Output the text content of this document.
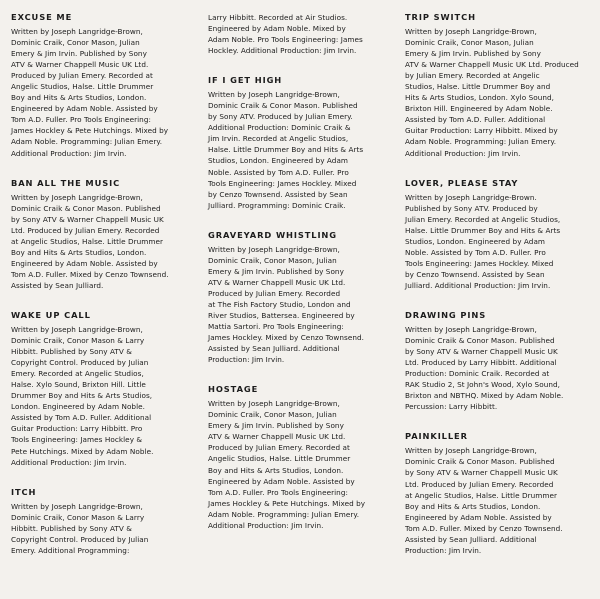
EXCUSE ME
Written by Joseph Langridge-Brown,
Dominic Craik, Conor Mason, Julian
Emery & Jim Irvin. Published by Sony
ATV & Warner Chappell Music UK Ltd.
Produced by Julian Emery. Recorded at
Angelic Studios, Halse. Little Drummer
Boy and Hits & Arts Studios, London.
Engineered by Adam Noble. Assisted by
Tom A.D. Fuller. Pro Tools Engineering:
James Hockley & Pete Hutchings. Mixed by
Adam Noble. Programming: Julian Emery.
Additional Production: Jim Irvin.
BAN ALL THE MUSIC
Written by Joseph Langridge-Brown,
Dominic Craik & Conor Mason. Published
by Sony ATV & Warner Chappell Music UK
Ltd. Produced by Julian Emery. Recorded
at Angelic Studios, Halse. Little Drummer
Boy and Hits & Arts Studios, London.
Engineered by Adam Noble. Assisted by
Tom A.D. Fuller. Mixed by Cenzo Townsend.
Assisted by Sean Julliard.
WAKE UP CALL
Written by Joseph Langridge-Brown,
Dominic Craik, Conor Mason & Larry
Hibbitt. Published by Sony ATV &
Copyright Control. Produced by Julian
Emery. Recorded at Angelic Studios,
Halse. Xylo Sound, Brixton Hill. Little
Drummer Boy and Hits & Arts Studios,
London. Engineered by Adam Noble.
Assisted by Tom A.D. Fuller. Additional
Guitar Production: Larry Hibbitt. Pro
Tools Engineering: James Hockley &
Pete Hutchings. Mixed by Adam Noble.
Additional Production: Jim Irvin.
ITCH
Written by Joseph Langridge-Brown,
Dominic Craik, Conor Mason & Larry
Hibbitt. Published by Sony ATV &
Copyright Control. Produced by Julian
Emery. Additional Programming:
Larry Hibbitt. Recorded at Air Studios.
Engineered by Adam Noble. Mixed by
Adam Noble. Pro Tools Engineering: James
Hockley. Additional Production: Jim Irvin.
IF I GET HIGH
Written by Joseph Langridge-Brown,
Dominic Craik & Conor Mason. Published
by Sony ATV. Produced by Julian Emery.
Additional Production: Dominic Craik &
Jim Irvin. Recorded at Angelic Studios,
Halse. Little Drummer Boy and Hits & Arts
Studios, London. Engineered by Adam
Noble. Assisted by Tom A.D. Fuller. Pro
Tools Engineering: James Hockley. Mixed
by Cenzo Townsend. Assisted by Sean
Julliard. Programming: Dominic Craik.
GRAVEYARD WHISTLING
Written by Joseph Langridge-Brown,
Dominic Craik, Conor Mason, Julian
Emery & Jim Irvin. Published by Sony
ATV & Warner Chappell Music UK Ltd.
Produced by Julian Emery. Recorded
at The Fish Factory Studio, London and
River Studios, Battersea. Engineered by
Mattia Sartori. Pro Tools Engineering:
James Hockley. Mixed by Cenzo Townsend.
Assisted by Sean Julliard. Additional
Production: Jim Irvin.
HOSTAGE
Written by Joseph Langridge-Brown,
Dominic Craik, Conor Mason, Julian
Emery & Jim Irvin. Published by Sony
ATV & Warner Chappell Music UK Ltd.
Produced by Julian Emery. Recorded at
Angelic Studios, Halse. Little Drummer
Boy and Hits & Arts Studios, London.
Engineered by Adam Noble. Assisted by
Tom A.D. Fuller. Pro Tools Engineering:
James Hockley & Pete Hutchings. Mixed by
Adam Noble. Programming: Julian Emery.
Additional Production: Jim Irvin.
TRIP SWITCH
Written by Joseph Langridge-Brown,
Dominic Craik, Conor Mason, Julian
Emery & Jim Irvin. Published by Sony
ATV & Warner Chappell Music UK Ltd. Produced
by Julian Emery. Recorded at Angelic
Studios, Halse. Little Drummer Boy and
Hits & Arts Studios, London. Xylo Sound,
Brixton Hill. Engineered by Adam Noble.
Assisted by Tom A.D. Fuller. Additional
Guitar Production: Larry Hibbitt. Mixed by
Adam Noble. Programming: Julian Emery.
Additional Production: Jim Irvin.
LOVER, PLEASE STAY
Written by Joseph Langridge-Brown.
Published by Sony ATV. Produced by
Julian Emery. Recorded at Angelic Studios,
Halse. Little Drummer Boy and Hits & Arts
Studios, London. Engineered by Adam
Noble. Assisted by Tom A.D. Fuller. Pro
Tools Engineering: James Hockley. Mixed
by Cenzo Townsend. Assisted by Sean
Julliard. Additional Production: Jim Irvin.
DRAWING PINS
Written by Joseph Langridge-Brown,
Dominic Craik & Conor Mason. Published
by Sony ATV & Warner Chappell Music UK
Ltd. Produced by Larry Hibbitt. Additional
Production: Dominic Craik. Recorded at
RAK Studio 2, St John's Wood, Xylo Sound,
Brixton and NBTHQ. Mixed by Adam Noble.
Percussion: Larry Hibbitt.
PAINKILLER
Written by Joseph Langridge-Brown,
Dominic Craik & Conor Mason. Published
by Sony ATV & Warner Chappell Music UK
Ltd. Produced by Julian Emery. Recorded
at Angelic Studios, Halse. Little Drummer
Boy and Hits & Arts Studios, London.
Engineered by Adam Noble. Assisted by
Tom A.D. Fuller. Mixed by Cenzo Townsend.
Assisted by Sean Julliard. Additional
Production: Jim Irvin.
